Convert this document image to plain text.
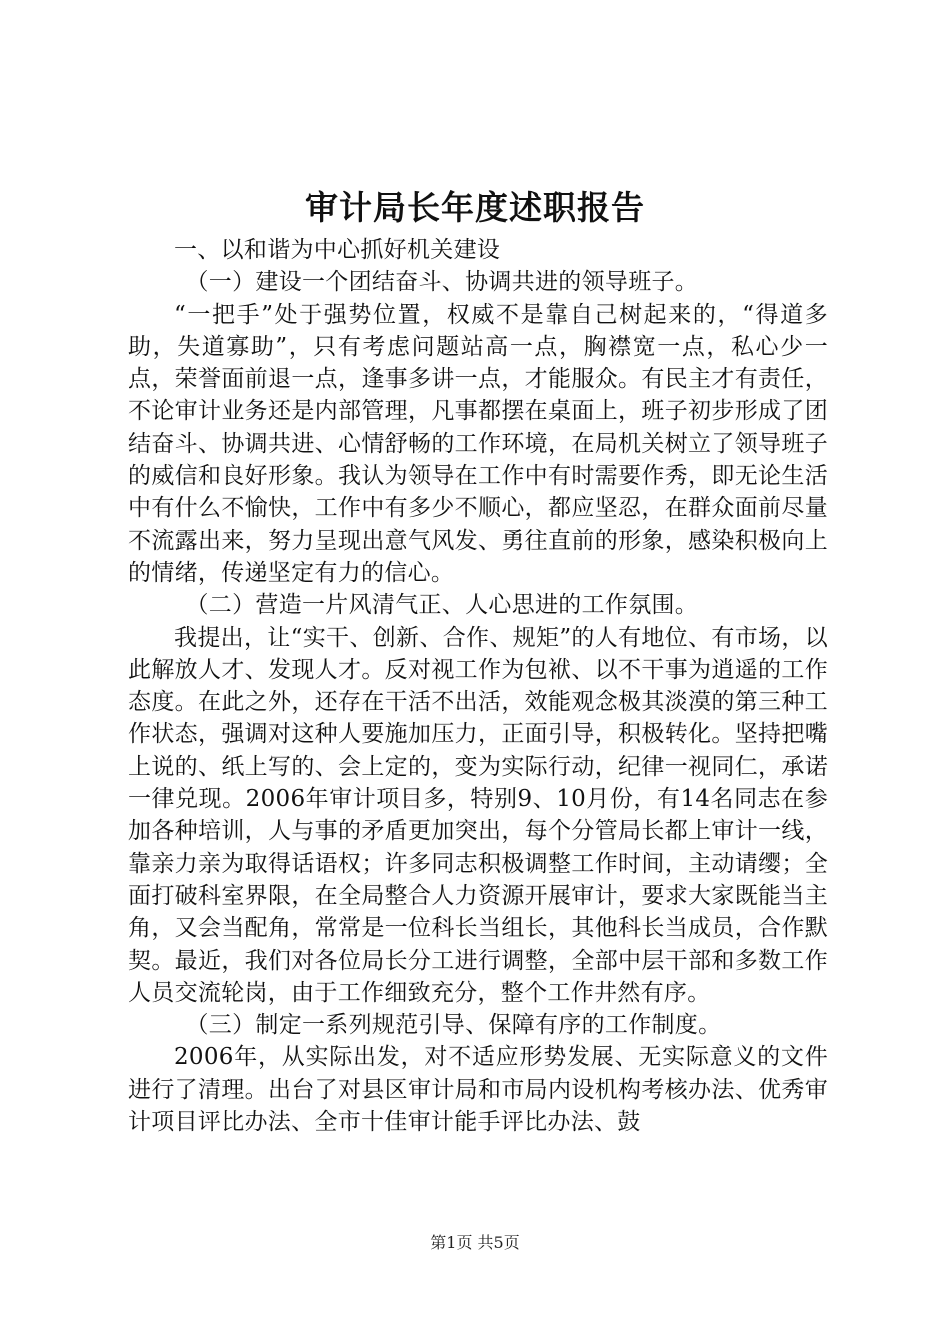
审计局长年度述职报告

一、以和谐为中心抓好机关建设

（一）建设一个团结奋斗、协调共进的领导班子。

“一把手”处于强势位置，权威不是靠自己树起来的，“得道多助，失道寡助”，只有考虑问题站高一点，胸襟宽一点，私心少一点，荣誉面前退一点，逢事多讲一点，才能服众。有民主才有责任，不论审计业务还是内部管理，凡事都摆在桌面上，班子初步形成了团结奋斗、协调共进、心情舒畅的工作环境，在局机关树立了领导班子的威信和良好形象。我认为领导在工作中有时需要作秀，即无论生活中有什么不愉快，工作中有多少不顺心，都应坚忍，在群众面前尽量不流露出来，努力呈现出意气风发、勇往直前的形象，感染积极向上的情绪，传递坚定有力的信心。

（二）营造一片风清气正、人心思进的工作氛围。

我提出，让“实干、创新、合作、规矩”的人有地位、有市场，以此解放人才、发现人才。反对视工作为包袱、以不干事为逍遥的工作态度。在此之外，还存在干活不出活，效能观念极其淡漠的第三种工作状态，强调对这种人要施加压力，正面引导，积极转化。坚持把嘴上说的、纸上写的、会上定的，变为实际行动，纪律一视同仁，承诺一律兑现。2006年审计项目多，特别9、10月份，有14名同志在参加各种培训，人与事的矛盾更加突出，每个分管局长都上审计一线，靠亲力亲为取得话语权；许多同志积极调整工作时间，主动请缨；全面打破科室界限，在全局整合人力资源开展审计，要求大家既能当主角，又会当配角，常常是一位科长当组长，其他科长当成员，合作默契。最近，我们对各位局长分工进行调整，全部中层干部和多数工作人员交流轮岗，由于工作细致充分，整个工作井然有序。

（三）制定一系列规范引导、保障有序的工作制度。

2006年，从实际出发，对不适应形势发展、无实际意义的文件进行了清理。出台了对县区审计局和市局内设机构考核办法、优秀审计项目评比办法、全市十佳审计能手评比办法、鼓

第1页 共5页
